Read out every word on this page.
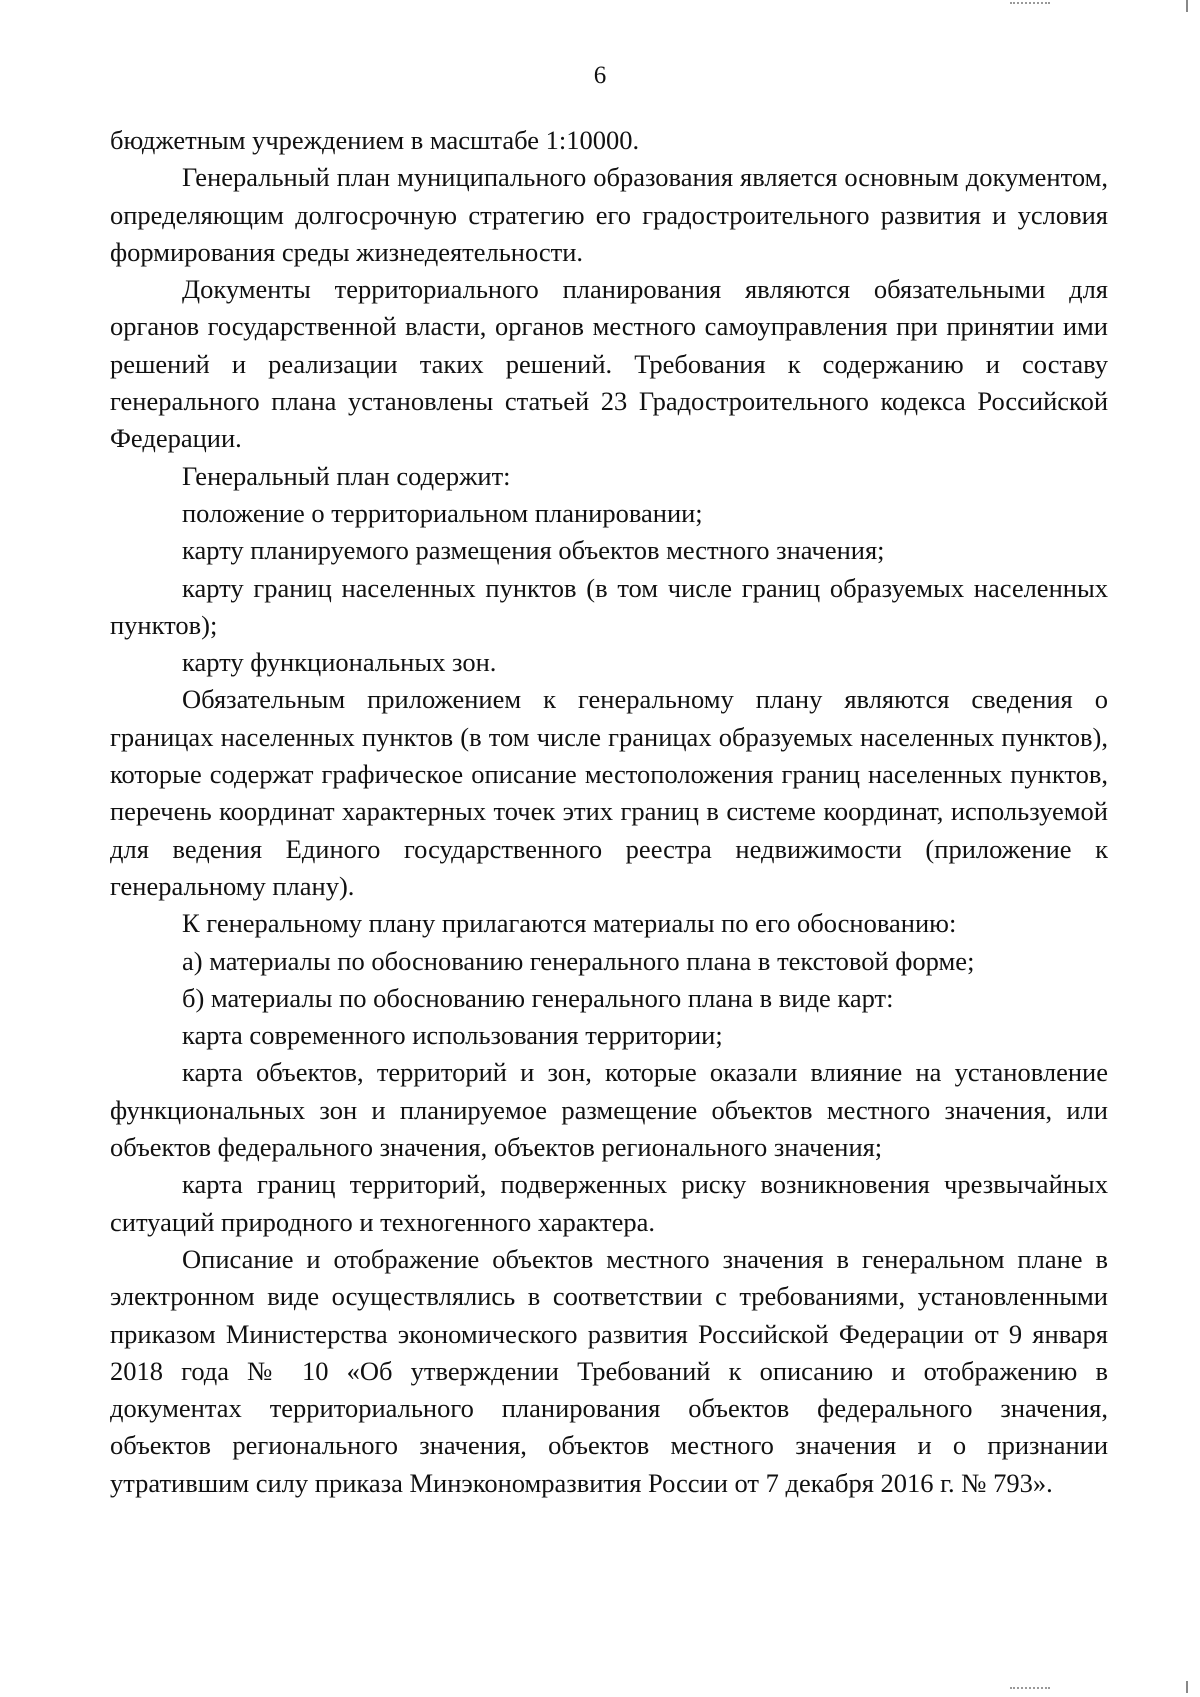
6

бюджетным учреждением в масштабе 1:10000.

Генеральный план муниципального образования является основным документом, определяющим долгосрочную стратегию его градостроительного развития и условия формирования среды жизнедеятельности.

Документы территориального планирования являются обязательными для органов государственной власти, органов местного самоуправления при принятии ими решений и реализации таких решений. Требования к содержанию и составу генерального плана установлены статьей 23 Градостроительного кодекса Российской Федерации.

Генеральный план содержит:

положение о территориальном планировании;

карту планируемого размещения объектов местного значения;

карту границ населенных пунктов (в том числе границ образуемых населенных пунктов);

карту функциональных зон.

Обязательным приложением к генеральному плану являются сведения о границах населенных пунктов (в том числе границах образуемых населенных пунктов), которые содержат графическое описание местоположения границ населенных пунктов, перечень координат характерных точек этих границ в системе координат, используемой для ведения Единого государственного реестра недвижимости (приложение к генеральному плану).

К генеральному плану прилагаются материалы по его обоснованию:

а) материалы по обоснованию генерального плана в текстовой форме;

б) материалы по обоснованию генерального плана в виде карт:

карта современного использования территории;

карта объектов, территорий и зон, которые оказали влияние на установление функциональных зон и планируемое размещение объектов местного значения, или объектов федерального значения, объектов регионального значения;

карта границ территорий, подверженных риску возникновения чрезвычайных ситуаций природного и техногенного характера.

Описание и отображение объектов местного значения в генеральном плане в электронном виде осуществлялись в соответствии с требованиями, установленными приказом Министерства экономического развития Российской Федерации от 9 января 2018 года № 10 «Об утверждении Требований к описанию и отображению в документах территориального планирования объектов федерального значения, объектов регионального значения, объектов местного значения и о признании утратившим силу приказа Минэкономразвития России от 7 декабря 2016 г. № 793».
